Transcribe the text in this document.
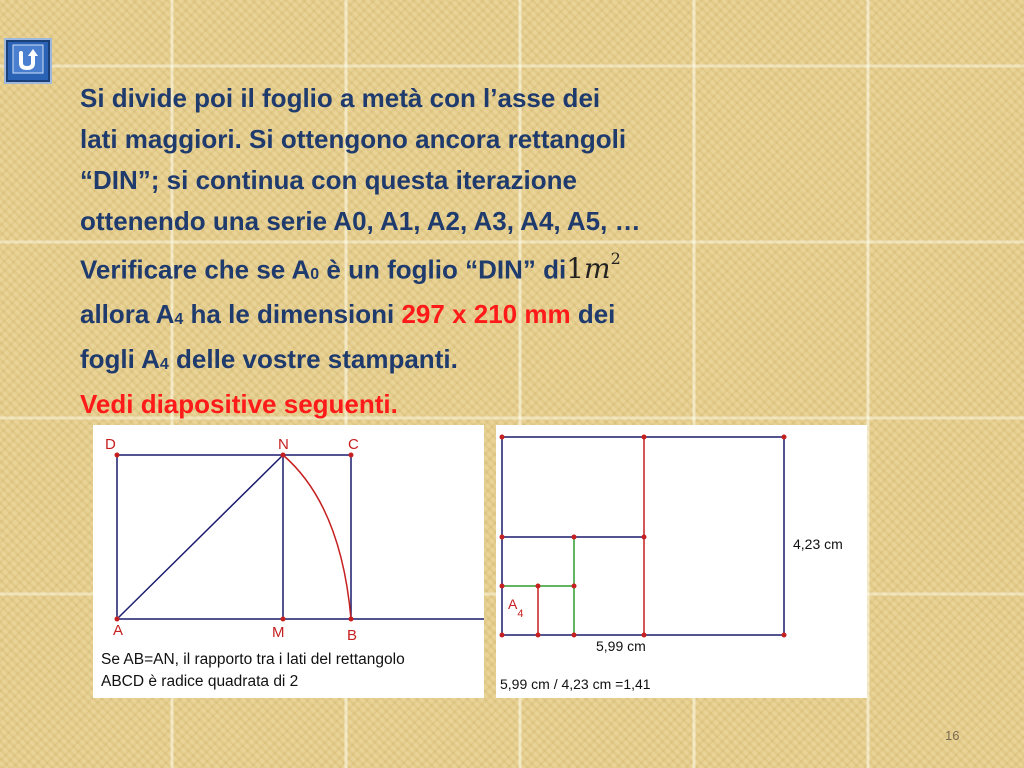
Si divide poi il foglio a metà con l’asse dei
lati maggiori. Si ottengono ancora rettangoli
“DIN”; si continua con questa iterazione
ottenendo una serie A0, A1, A2, A3, A4, A5, …
Verificare che se A0 è un foglio “DIN” $di1m^2$
allora A4 ha le dimensioni 297 x 210 mm dei
fogli A4 delle vostre stampanti.
Vedi diapositive seguenti.
D	N	C
A	M	B
Se AB=AN, il rapporto tra i lati del rettangolo
ABCD è radice quadrata di 2
$A_4$
4,23 cm
5,99 cm
5,99 cm / 4,23 cm =1,41
16
